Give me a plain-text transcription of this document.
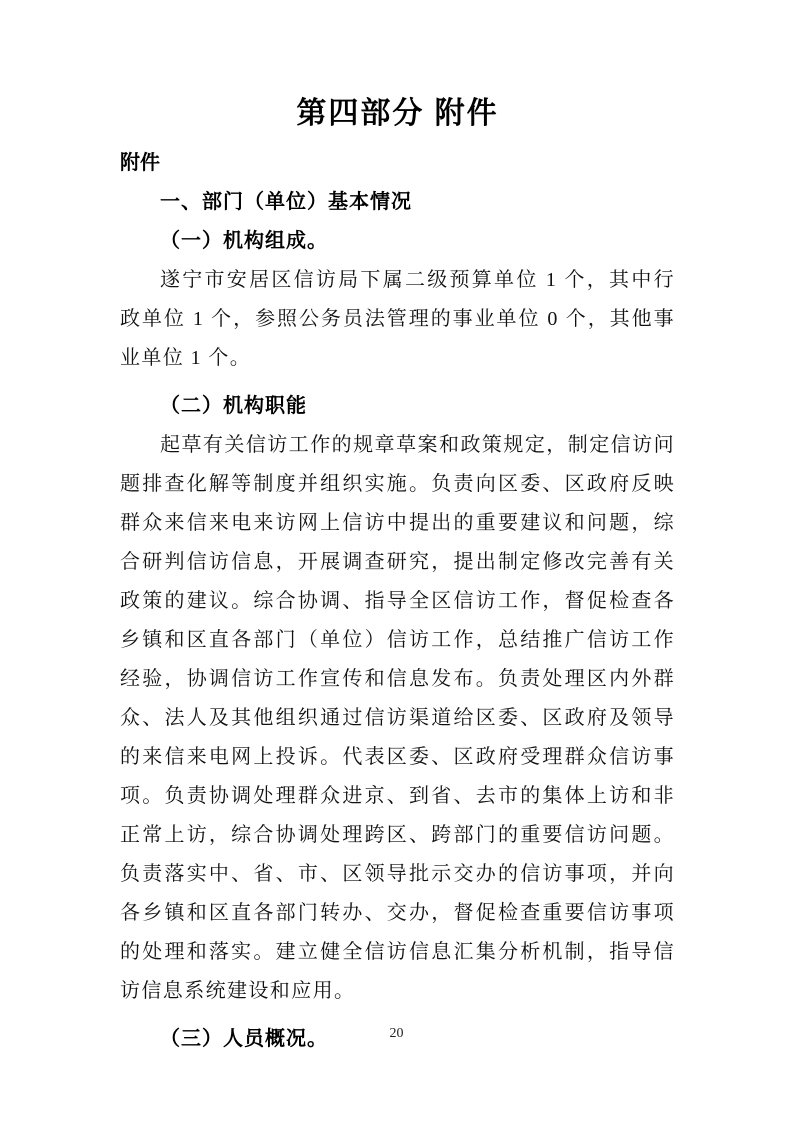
第四部分 附件
附件
一、部门（单位）基本情况
（一）机构组成。

遂宁市安居区信访局下属二级预算单位 1 个，其中行政单位 1 个，参照公务员法管理的事业单位 0 个，其他事业单位 1 个。

（二）机构职能

起草有关信访工作的规章草案和政策规定，制定信访问题排查化解等制度并组织实施。负责向区委、区政府反映群众来信来电来访网上信访中提出的重要建议和问题，综合研判信访信息，开展调查研究，提出制定修改完善有关政策的建议。综合协调、指导全区信访工作，督促检查各乡镇和区直各部门（单位）信访工作，总结推广信访工作经验，协调信访工作宣传和信息发布。负责处理区内外群众、法人及其他组织通过信访渠道给区委、区政府及领导的来信来电网上投诉。代表区委、区政府受理群众信访事项。负责协调处理群众进京、到省、去市的集体上访和非正常上访，综合协调处理跨区、跨部门的重要信访问题。负责落实中、省、市、区领导批示交办的信访事项，并向各乡镇和区直各部门转办、交办，督促检查重要信访事项的处理和落实。建立健全信访信息汇集分析机制，指导信访信息系统建设和应用。

（三）人员概况。	20
